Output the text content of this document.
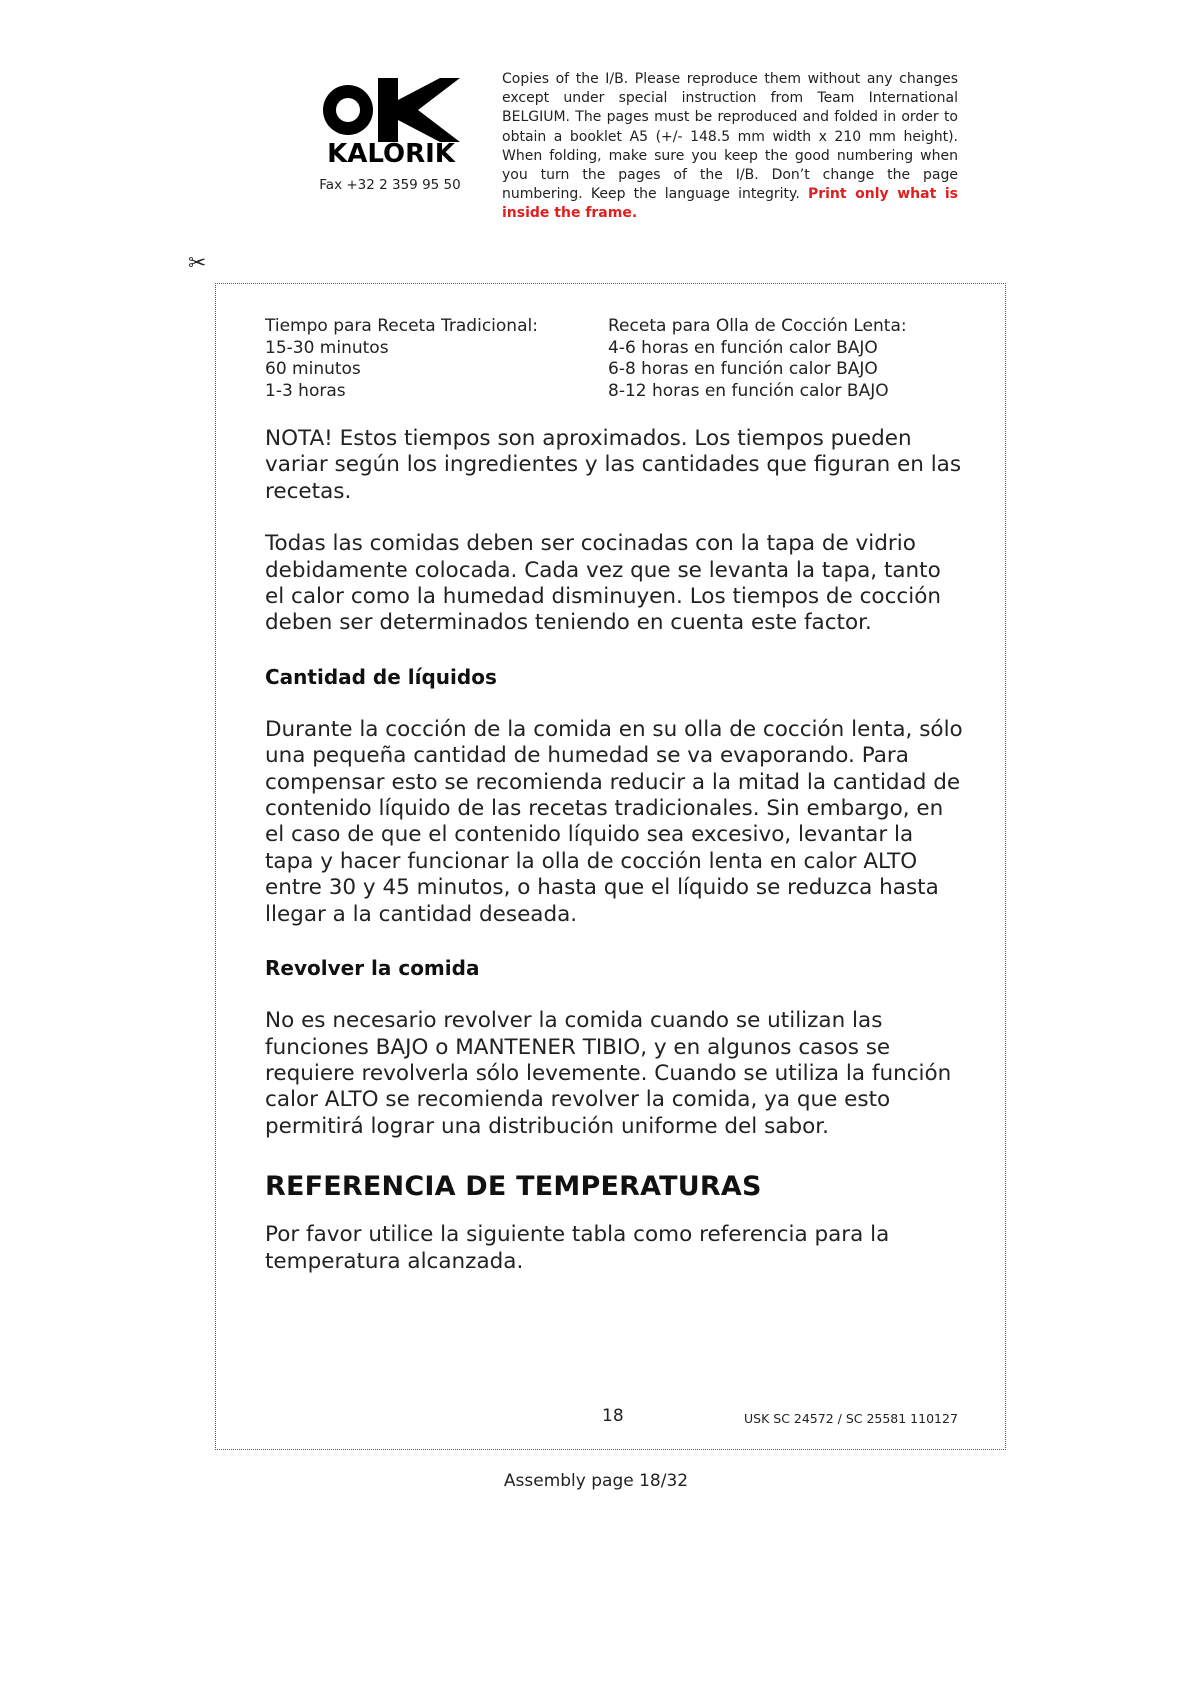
KALORIK
Fax +32 2 359 95 50
Copies of the I/B. Please reproduce them without any changes except under special instruction from Team International BELGIUM. The pages must be reproduced and folded in order to obtain a booklet A5 (+/- 148.5 mm width x 210 mm height). When folding, make sure you keep the good numbering when you turn the pages of the I/B. Don’t change the page numbering. Keep the language integrity. Print only what is inside the frame.
✂
Tiempo para Receta Tradicional:
15-30 minutos
60 minutos
1-3 horas
Receta para Olla de Cocción Lenta:
4-6 horas en función calor BAJO
6-8 horas en función calor BAJO
8-12 horas en función calor BAJO

NOTA! Estos tiempos son aproximados. Los tiempos pueden variar según los ingredientes y las cantidades que figuran en las recetas.

Todas las comidas deben ser cocinadas con la tapa de vidrio debidamente colocada. Cada vez que se levanta la tapa, tanto el calor como la humedad disminuyen. Los tiempos de cocción deben ser determinados teniendo en cuenta este factor.

Cantidad de líquidos

Durante la cocción de la comida en su olla de cocción lenta, sólo una pequeña cantidad de humedad se va evaporando. Para compensar esto se recomienda reducir a la mitad la cantidad de contenido líquido de las recetas tradicionales. Sin embargo, en el caso de que el contenido líquido sea excesivo, levantar la tapa y hacer funcionar la olla de cocción lenta en calor ALTO entre 30 y 45 minutos, o hasta que el líquido se reduzca hasta llegar a la cantidad deseada.

Revolver la comida

No es necesario revolver la comida cuando se utilizan las funciones BAJO o MANTENER TIBIO, y en algunos casos se requiere revolverla sólo levemente. Cuando se utiliza la función calor ALTO se recomienda revolver la comida, ya que esto permitirá lograr una distribución uniforme del sabor.

REFERENCIA DE TEMPERATURAS

Por favor utilice la siguiente tabla como referencia para la temperatura alcanzada.

18	USK SC 24572 / SC 25581 110127
Assembly page 18/32
